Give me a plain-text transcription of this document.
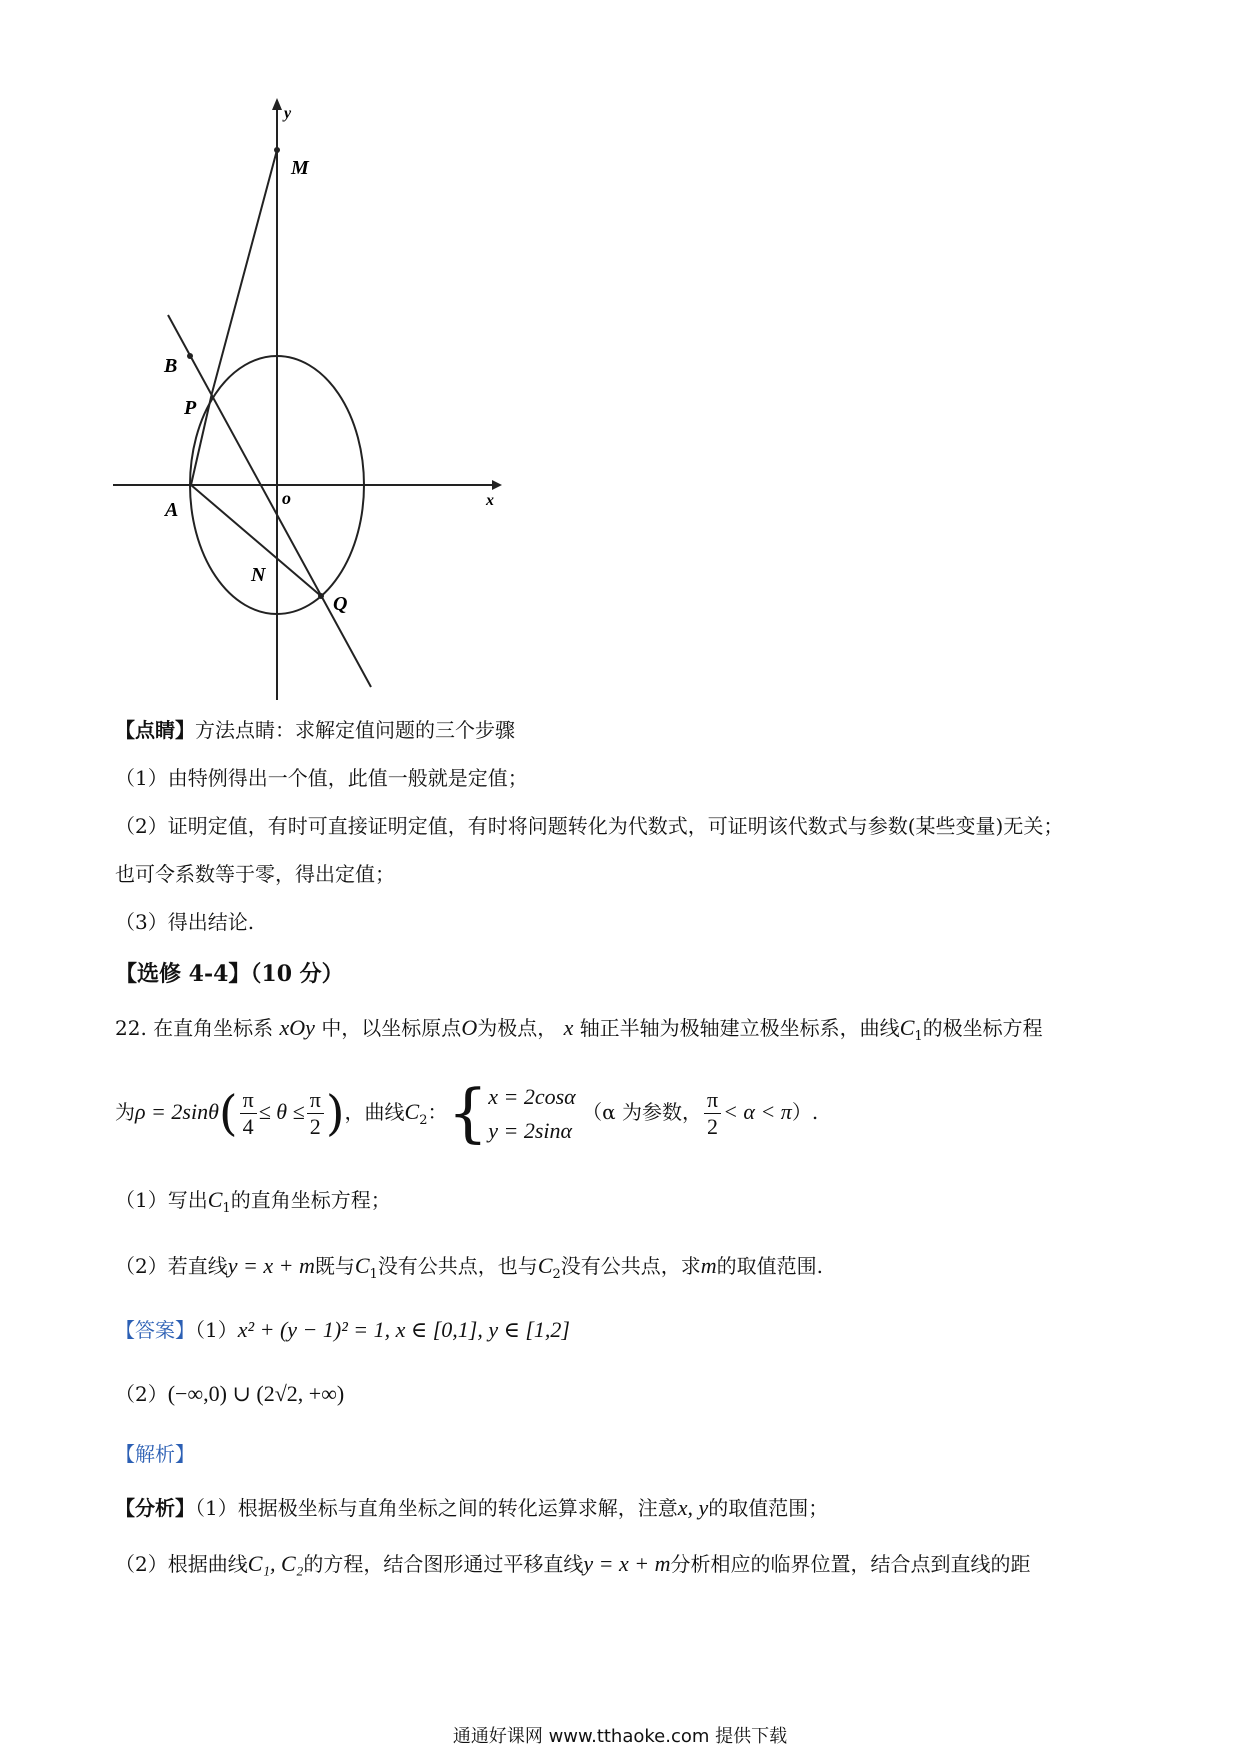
y
M
B
P
A
o	x
N
Q
【点睛】方法点睛：求解定值问题的三个步骤
（1）由特例得出一个值，此值一般就是定值；
（2）证明定值，有时可直接证明定值，有时将问题转化为代数式，可证明该代数式与参数(某些变量)无关；
也可令系数等于零，得出定值；
（3）得出结论.
【选修 4-4】（10 分）
22. 在直角坐标系 xOy 中，以坐标原点O为极点， x 轴正半轴为极轴建立极坐标系，曲线$C_1$的极坐标方程
为$\rho = 2\sin\theta( \frac{\pi}{4} \le \theta \le \frac{\pi}{2}$ )，曲线$C_2$：{ x = 2cosα
y = 2sinα
（α 为参数， $\frac{\pi}{2} < \alpha < \pi$）.
（1）写出$C_1$的直角坐标方程；
（2）若直线y = x + m既与$C_1$没有公共点，也与$C_2$没有公共点，求m的取值范围.
【答案】（1）x² + (y − 1)² = 1, x ∈ [0,1], y ∈ [1,2]
（2）(−∞,0) ∪ (2√2, +∞)
【解析】
【分析】（1）根据极坐标与直角坐标之间的转化运算求解，注意x, y的取值范围；
（2）根据曲线C₁, C₂的方程，结合图形通过平移直线y = x + m分析相应的临界位置，结合点到直线的距
通通好课网 www.tthaoke.com 提供下载
